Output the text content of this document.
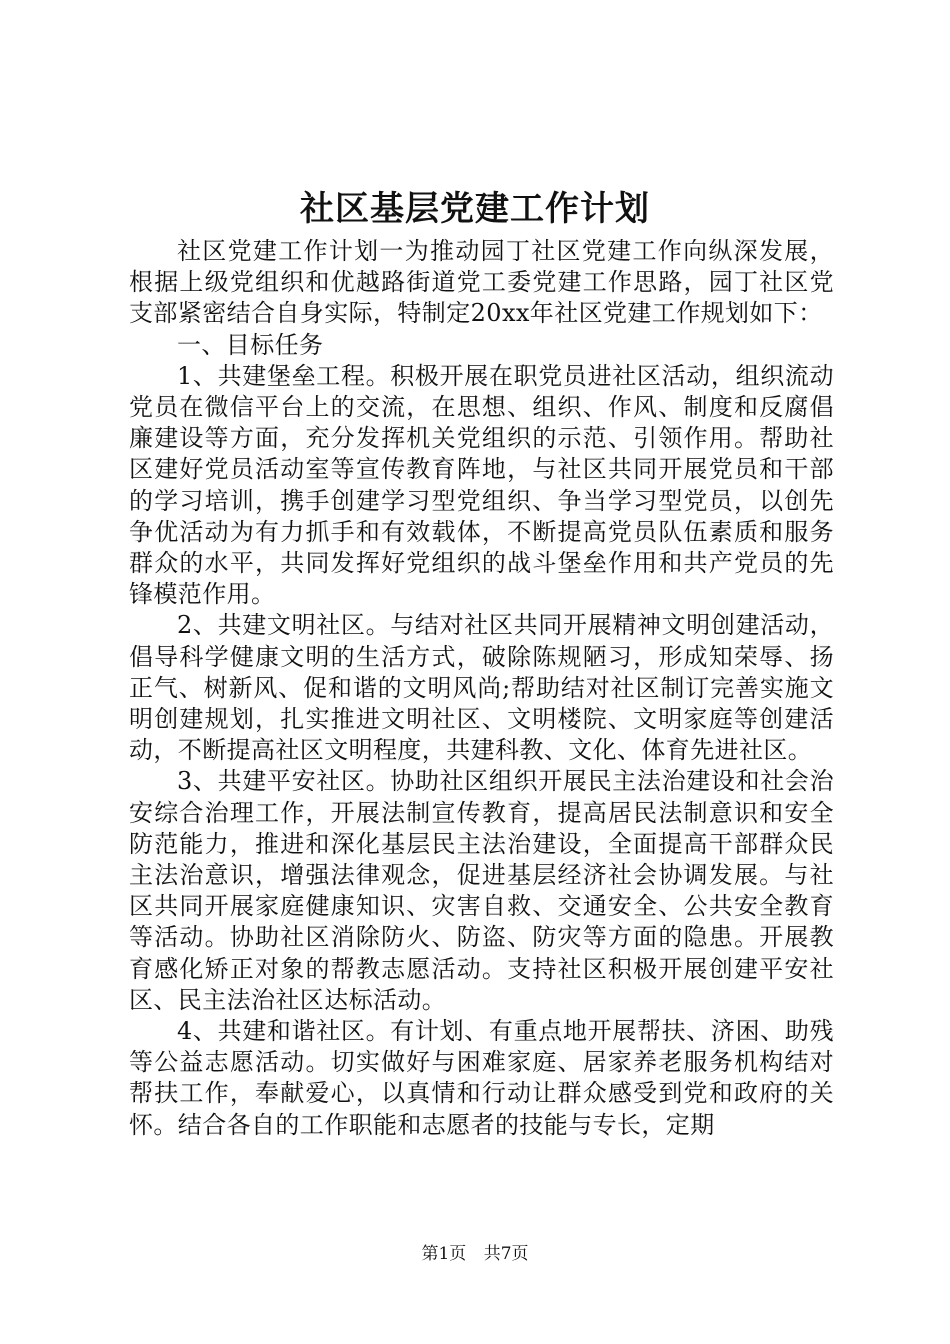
社区基层党建工作计划

社区党建工作计划一为推动园丁社区党建工作向纵深发展，根据上级党组织和优越路街道党工委党建工作思路，园丁社区党支部紧密结合自身实际，特制定20xx年社区党建工作规划如下：

一、目标任务

1、共建堡垒工程。积极开展在职党员进社区活动，组织流动党员在微信平台上的交流，在思想、组织、作风、制度和反腐倡廉建设等方面，充分发挥机关党组织的示范、引领作用。帮助社区建好党员活动室等宣传教育阵地，与社区共同开展党员和干部的学习培训，携手创建学习型党组织、争当学习型党员，以创先争优活动为有力抓手和有效载体，不断提高党员队伍素质和服务群众的水平，共同发挥好党组织的战斗堡垒作用和共产党员的先锋模范作用。

2、共建文明社区。与结对社区共同开展精神文明创建活动，倡导科学健康文明的生活方式，破除陈规陋习，形成知荣辱、扬正气、树新风、促和谐的文明风尚;帮助结对社区制订完善实施文明创建规划，扎实推进文明社区、文明楼院、文明家庭等创建活动，不断提高社区文明程度，共建科教、文化、体育先进社区。

3、共建平安社区。协助社区组织开展民主法治建设和社会治安综合治理工作，开展法制宣传教育，提高居民法制意识和安全防范能力，推进和深化基层民主法治建设，全面提高干部群众民主法治意识，增强法律观念，促进基层经济社会协调发展。与社区共同开展家庭健康知识、灾害自救、交通安全、公共安全教育等活动。协助社区消除防火、防盗、防灾等方面的隐患。开展教育感化矫正对象的帮教志愿活动。支持社区积极开展创建平安社区、民主法治社区达标活动。

4、共建和谐社区。有计划、有重点地开展帮扶、济困、助残等公益志愿活动。切实做好与困难家庭、居家养老服务机构结对帮扶工作，奉献爱心，以真情和行动让群众感受到党和政府的关怀。结合各自的工作职能和志愿者的技能与专长，定期

第1页 共7页
